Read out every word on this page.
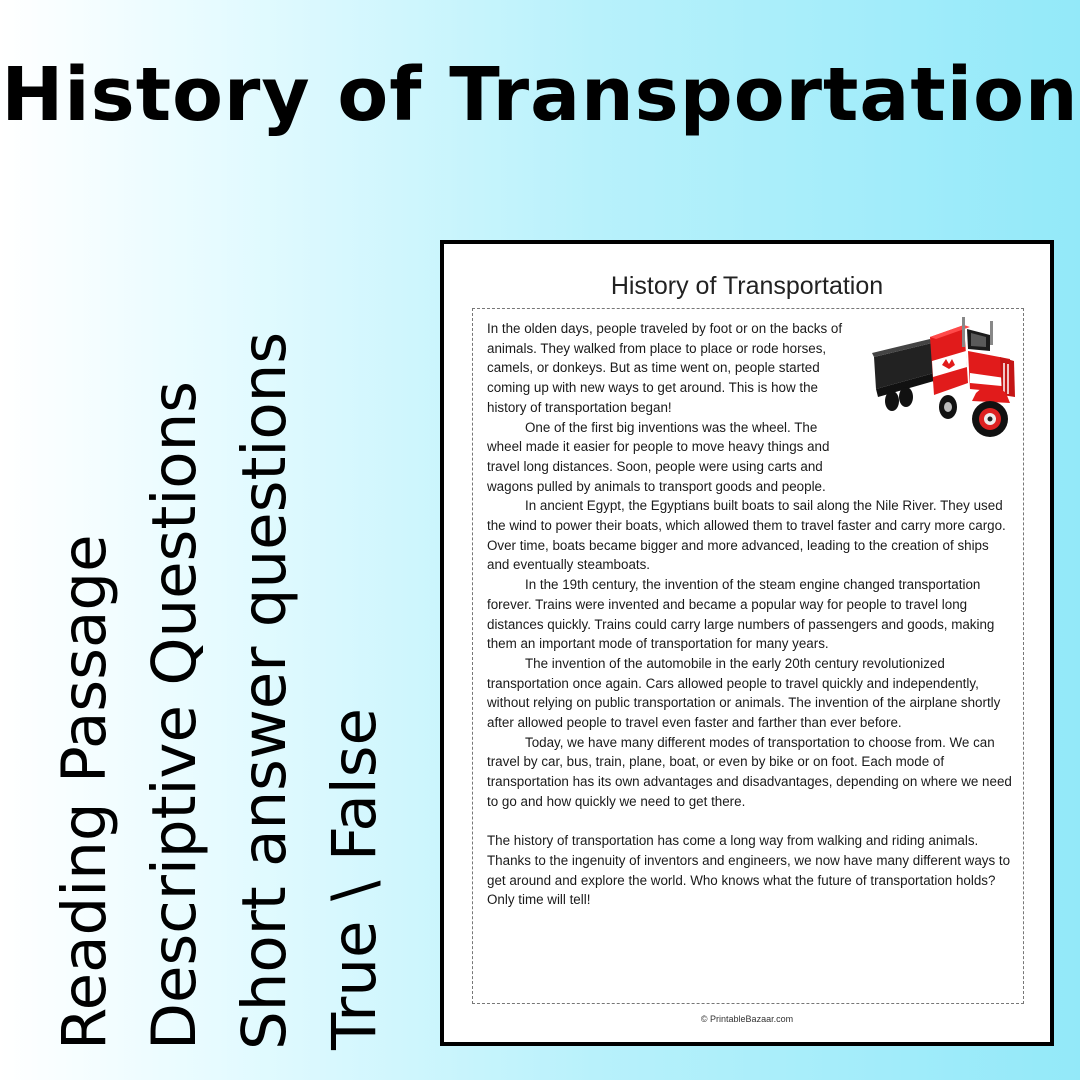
History of Transportation
Reading Passage Descriptive Questions Short answer questions True \ False
History of Transportation

In the olden days, people traveled by foot or on the backs of animals. They walked from place to place or rode horses, camels, or donkeys. But as time went on, people started coming up with new ways to get around. This is how the history of transportation began!

One of the first big inventions was the wheel. The wheel made it easier for people to move heavy things and travel long distances. Soon, people were using carts and wagons pulled by animals to transport goods and people.

In ancient Egypt, the Egyptians built boats to sail along the Nile River. They used the wind to power their boats, which allowed them to travel faster and carry more cargo. Over time, boats became bigger and more advanced, leading to the creation of ships and eventually steamboats.

In the 19th century, the invention of the steam engine changed transportation forever. Trains were invented and became a popular way for people to travel long distances quickly. Trains could carry large numbers of passengers and goods, making them an important mode of transportation for many years.

The invention of the automobile in the early 20th century revolutionized transportation once again. Cars allowed people to travel quickly and independently, without relying on public transportation or animals. The invention of the airplane shortly after allowed people to travel even faster and farther than ever before.

Today, we have many different modes of transportation to choose from. We can travel by car, bus, train, plane, boat, or even by bike or on foot. Each mode of transportation has its own advantages and disadvantages, depending on where we need to go and how quickly we need to get there.

The history of transportation has come a long way from walking and riding animals. Thanks to the ingenuity of inventors and engineers, we now have many different ways to get around and explore the world. Who knows what the future of transportation holds? Only time will tell!

© PrintableBazaar.com
